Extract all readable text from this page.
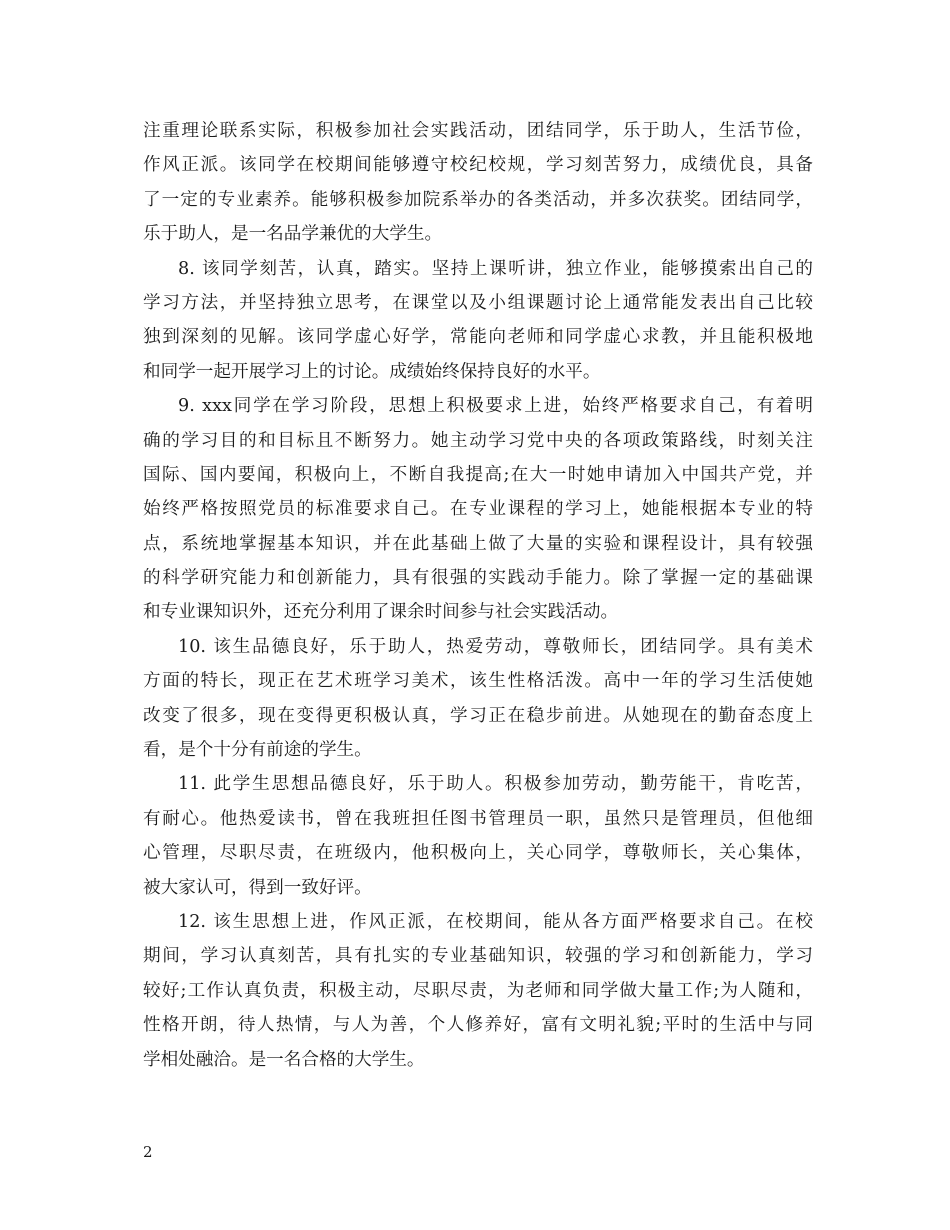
注重理论联系实际，积极参加社会实践活动，团结同学，乐于助人，生活节俭，
作风正派。该同学在校期间能够遵守校纪校规，学习刻苦努力，成绩优良，具备
了一定的专业素养。能够积极参加院系举办的各类活动，并多次获奖。团结同学，
乐于助人，是一名品学兼优的大学生。
8. 该同学刻苦，认真，踏实。坚持上课听讲，独立作业，能够摸索出自己的
学习方法，并坚持独立思考，在课堂以及小组课题讨论上通常能发表出自己比较
独到深刻的见解。该同学虚心好学，常能向老师和同学虚心求教，并且能积极地
和同学一起开展学习上的讨论。成绩始终保持良好的水平。
9. xxx同学在学习阶段，思想上积极要求上进，始终严格要求自己，有着明
确的学习目的和目标且不断努力。她主动学习党中央的各项政策路线，时刻关注
国际、国内要闻，积极向上，不断自我提高;在大一时她申请加入中国共产党，并
始终严格按照党员的标准要求自己。在专业课程的学习上，她能根据本专业的特
点，系统地掌握基本知识，并在此基础上做了大量的实验和课程设计，具有较强
的科学研究能力和创新能力，具有很强的实践动手能力。除了掌握一定的基础课
和专业课知识外，还充分利用了课余时间参与社会实践活动。
10. 该生品德良好，乐于助人，热爱劳动，尊敬师长，团结同学。具有美术
方面的特长，现正在艺术班学习美术，该生性格活泼。高中一年的学习生活使她
改变了很多，现在变得更积极认真，学习正在稳步前进。从她现在的勤奋态度上
看，是个十分有前途的学生。
11. 此学生思想品德良好，乐于助人。积极参加劳动，勤劳能干，肯吃苦，
有耐心。他热爱读书，曾在我班担任图书管理员一职，虽然只是管理员，但他细
心管理，尽职尽责，在班级内，他积极向上，关心同学，尊敬师长，关心集体，
被大家认可，得到一致好评。
12. 该生思想上进，作风正派，在校期间，能从各方面严格要求自己。在校
期间，学习认真刻苦，具有扎实的专业基础知识，较强的学习和创新能力，学习
较好;工作认真负责，积极主动，尽职尽责，为老师和同学做大量工作;为人随和，
性格开朗，待人热情，与人为善，个人修养好，富有文明礼貌;平时的生活中与同
学相处融洽。是一名合格的大学生。
2
